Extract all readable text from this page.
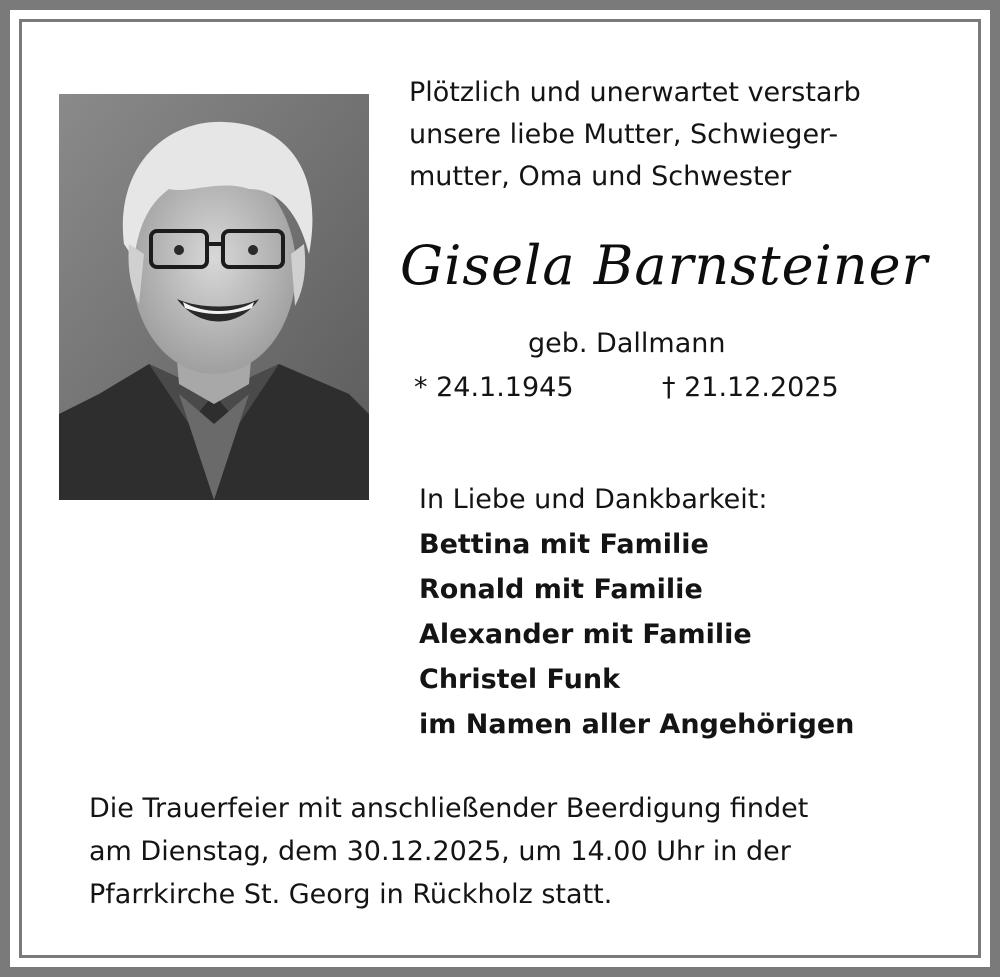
Plötzlich und unerwartet verstarb
unsere liebe Mutter, Schwieger-
mutter, Oma und Schwester
Gisela Barnsteiner
geb. Dallmann
* 24.1.1945	† 21.12.2025
In Liebe und Dankbarkeit:
Bettina mit Familie
Ronald mit Familie
Alexander mit Familie
Christel Funk
im Namen aller Angehörigen
Die Trauerfeier mit anschließender Beerdigung findet
am Dienstag, dem 30.12.2025, um 14.00 Uhr in der
Pfarrkirche St. Georg in Rückholz statt.
